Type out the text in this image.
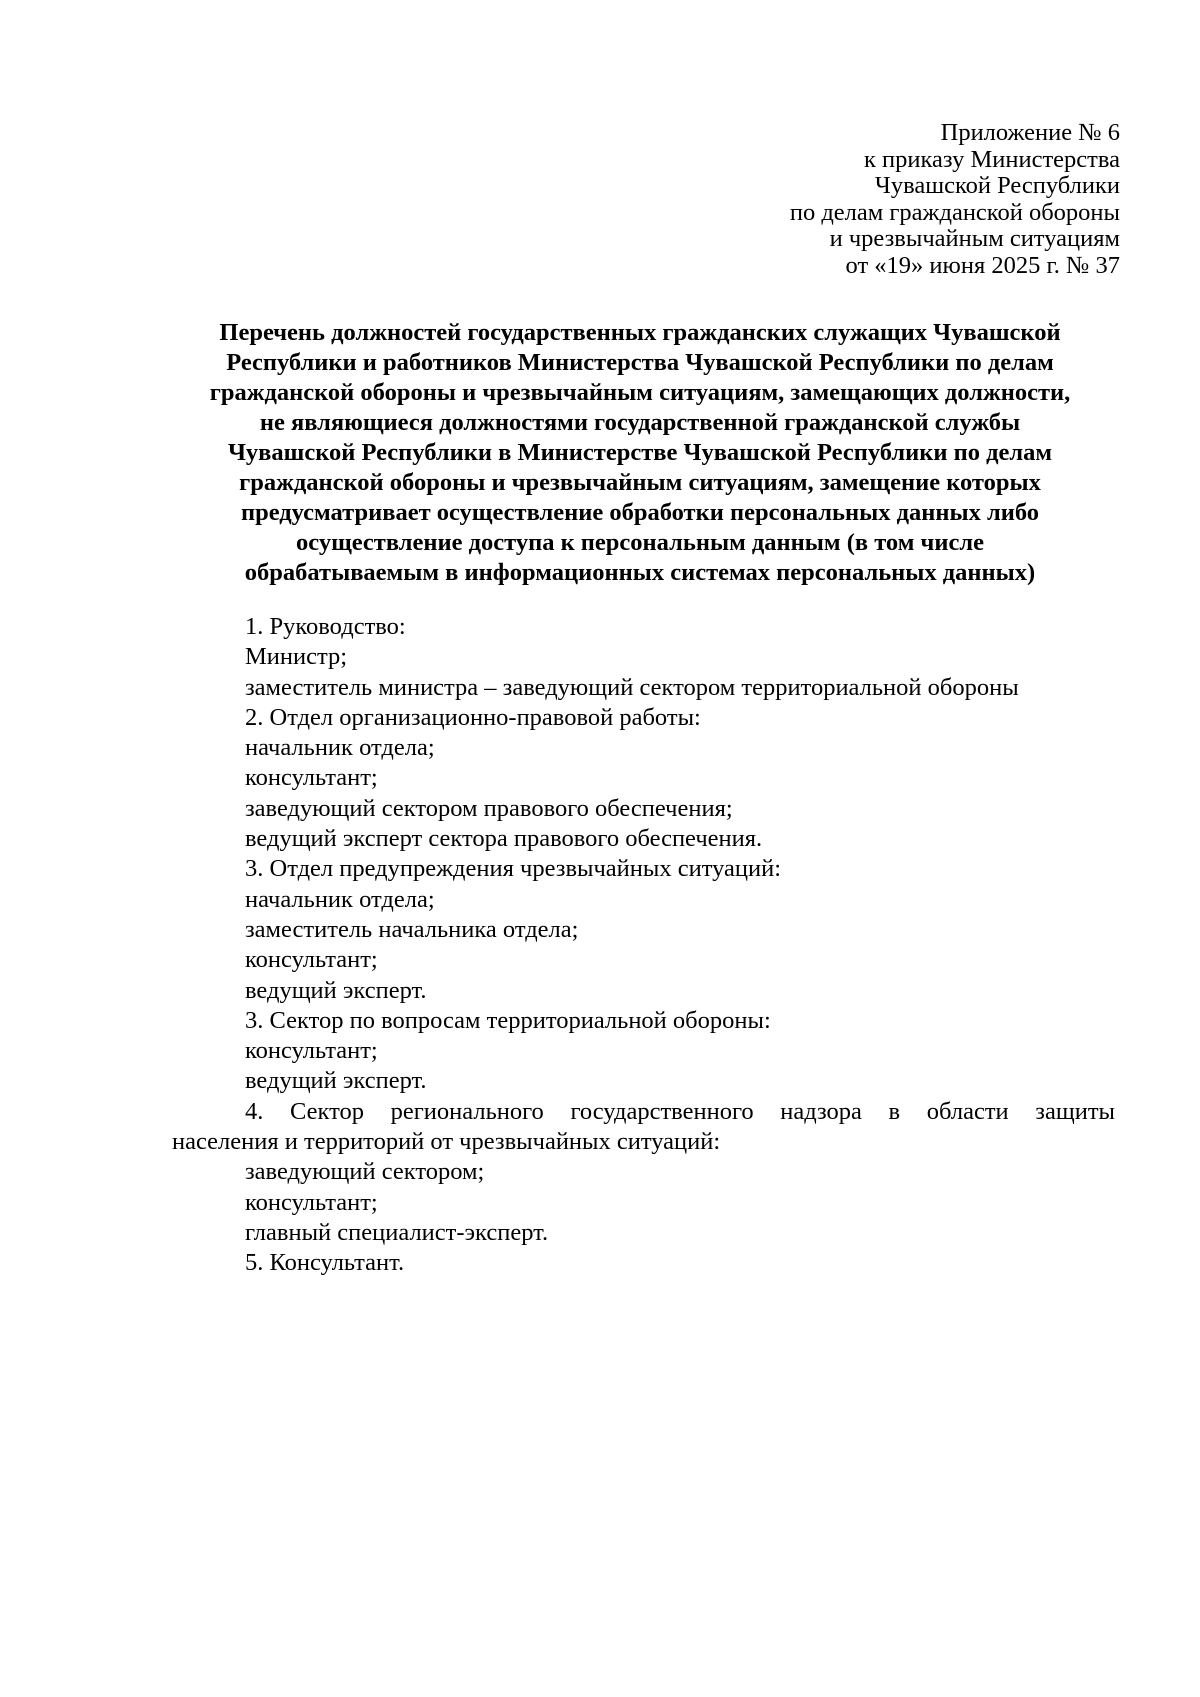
Приложение № 6
к приказу Министерства
Чувашской Республики
по делам гражданской обороны
и чрезвычайным ситуациям
от «19» июня 2025 г. № 37
Перечень должностей государственных гражданских служащих Чувашской
Республики и работников Министерства Чувашской Республики по делам
гражданской обороны и чрезвычайным ситуациям, замещающих должности,
не являющиеся должностями государственной гражданской службы
Чувашской Республики в Министерстве Чувашской Республики по делам
гражданской обороны и чрезвычайным ситуациям, замещение которых
предусматривает осуществление обработки персональных данных либо
осуществление доступа к персональным данным (в том числе
обрабатываемым в информационных системах персональных данных)
1. Руководство:
Министр;
заместитель министра – заведующий сектором территориальной обороны
2. Отдел организационно-правовой работы:
начальник отдела;
консультант;
заведующий сектором правового обеспечения;
ведущий эксперт сектора правового обеспечения.
3. Отдел предупреждения чрезвычайных ситуаций:
начальник отдела;
заместитель начальника отдела;
консультант;
ведущий эксперт.
3. Сектор по вопросам территориальной обороны:
консультант;
ведущий эксперт.
4. Сектор регионального государственного надзора в области защиты
населения и территорий от чрезвычайных ситуаций:
заведующий сектором;
консультант;
главный специалист-эксперт.
5. Консультант.
